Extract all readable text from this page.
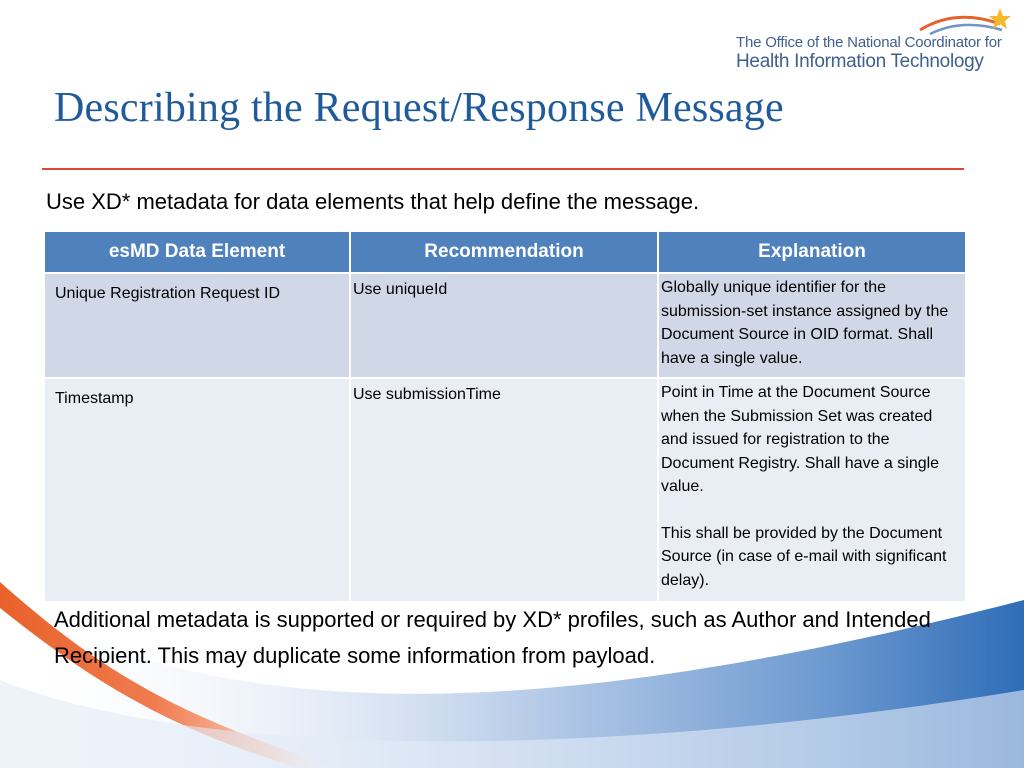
The Office of the National Coordinator for
Health Information Technology
Describing the Request/Response Message
Use XD* metadata for data elements that help define the message.
esMD Data Element	Recommendation	Explanation
Unique Registration Request ID	Use uniqueId	Globally unique identifier for the submission-set instance assigned by the Document Source in OID format. Shall have a single value.
Timestamp	Use submissionTime	Point in Time at the Document Source when the Submission Set was created and issued for registration to the Document Registry. Shall have a single value.
This shall be provided by the Document Source (in case of e-mail with significant delay).
Additional metadata is supported or required by XD* profiles, such as Author and Intended Recipient. This may duplicate some information from payload.
